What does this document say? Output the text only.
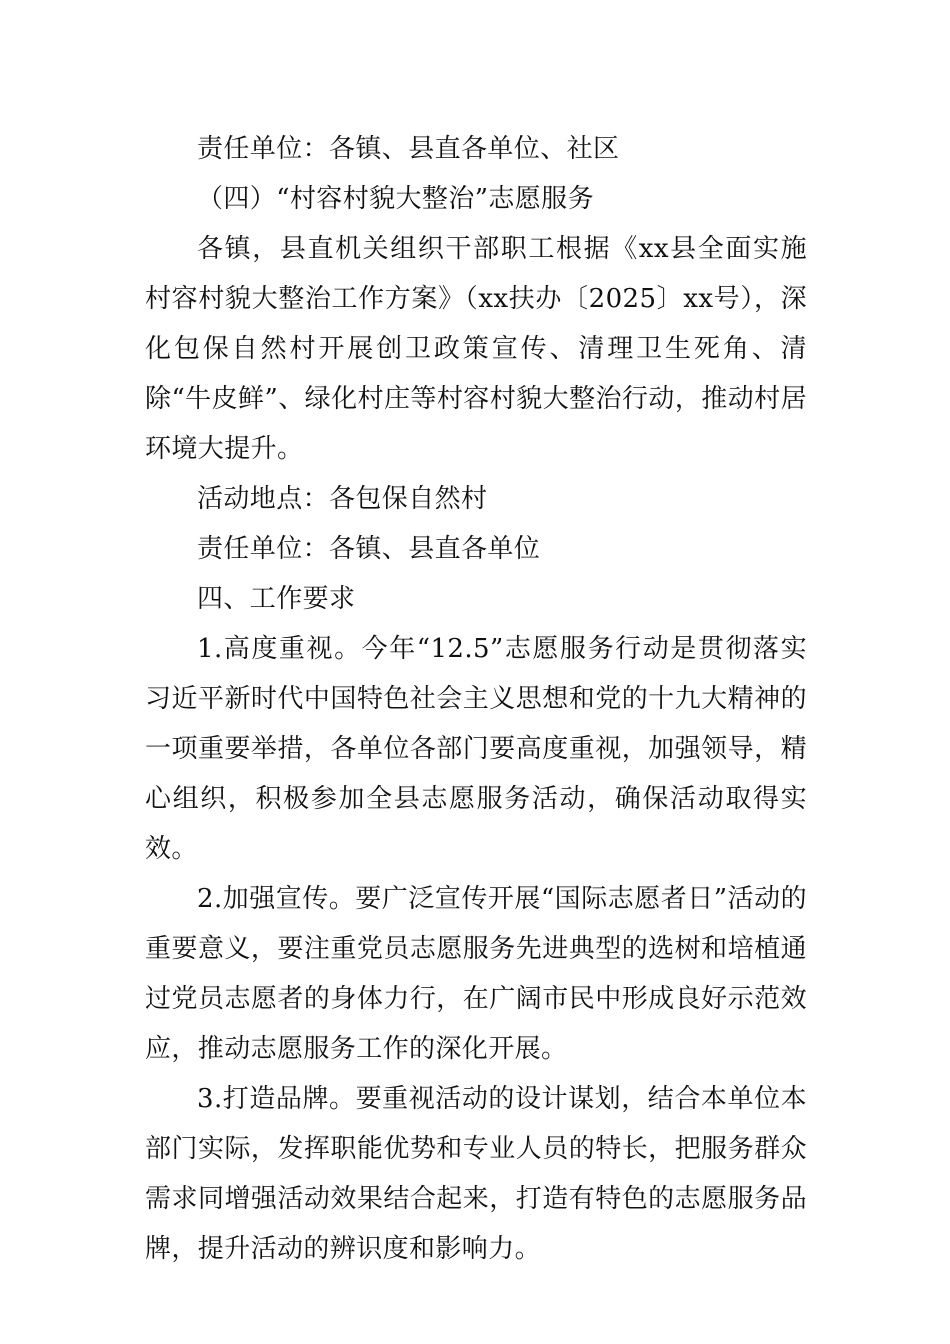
责任单位：各镇、县直各单位、社区

（四）“村容村貌大整治”志愿服务

各镇，县直机关组织干部职工根据《xx县全面实施村容村貌大整治工作方案》（xx扶办〔2025〕xx号），深化包保自然村开展创卫政策宣传、清理卫生死角、清除“牛皮鲜”、绿化村庄等村容村貌大整治行动，推动村居环境大提升。

活动地点：各包保自然村

责任单位：各镇、县直各单位

四、工作要求

1.高度重视。今年“12.5”志愿服务行动是贯彻落实习近平新时代中国特色社会主义思想和党的十九大精神的一项重要举措，各单位各部门要高度重视，加强领导，精心组织，积极参加全县志愿服务活动，确保活动取得实效。

2.加强宣传。要广泛宣传开展“国际志愿者日”活动的重要意义，要注重党员志愿服务先进典型的选树和培植通过党员志愿者的身体力行，在广阔市民中形成良好示范效应，推动志愿服务工作的深化开展。

3.打造品牌。要重视活动的设计谋划，结合本单位本部门实际，发挥职能优势和专业人员的特长，把服务群众需求同增强活动效果结合起来，打造有特色的志愿服务品牌，提升活动的辨识度和影响力。
